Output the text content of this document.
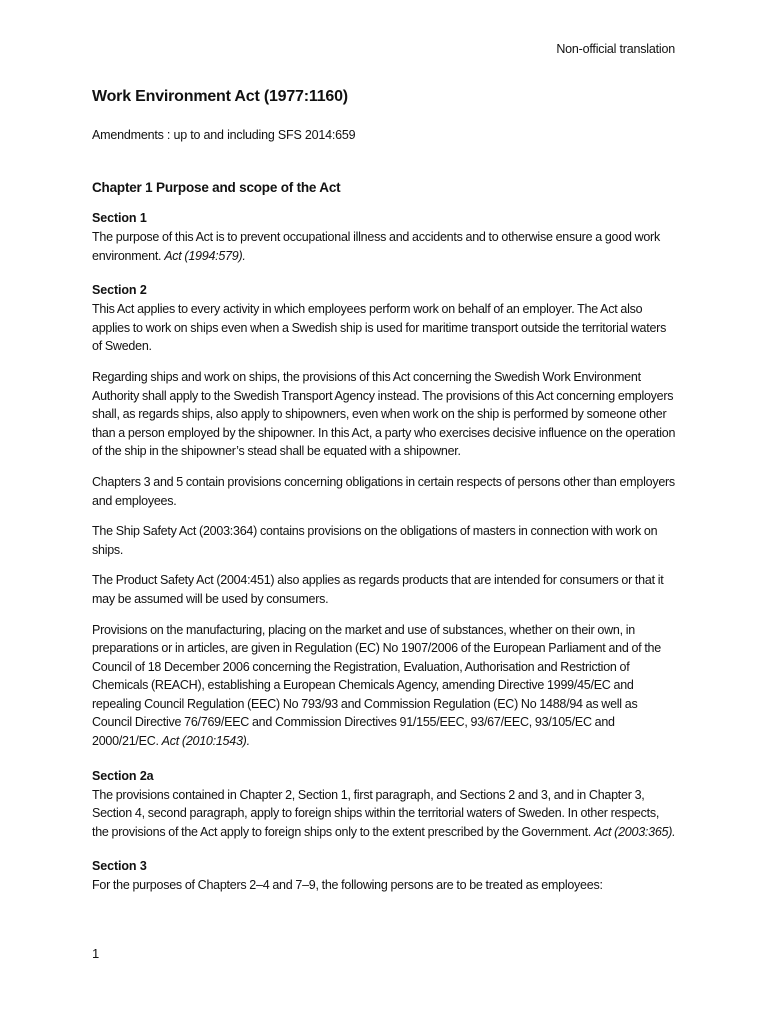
Non-official translation
Work Environment Act (1977:1160)
Amendments : up to and including SFS 2014:659
Chapter 1 Purpose and scope of the Act
Section 1

The purpose of this Act is to prevent occupational illness and accidents and to otherwise ensure a good work environment. Act (1994:579).

Section 2

This Act applies to every activity in which employees perform work on behalf of an employer. The Act also applies to work on ships even when a Swedish ship is used for maritime transport outside the territorial waters of Sweden.

Regarding ships and work on ships, the provisions of this Act concerning the Swedish Work Environment Authority shall apply to the Swedish Transport Agency instead. The provisions of this Act concerning employers shall, as regards ships, also apply to shipowners, even when work on the ship is performed by someone other than a person employed by the shipowner. In this Act, a party who exercises decisive influence on the operation of the ship in the shipowner’s stead shall be equated with a shipowner.

Chapters 3 and 5 contain provisions concerning obligations in certain respects of persons other than employers and employees.

The Ship Safety Act (2003:364) contains provisions on the obligations of masters in connection with work on ships.

The Product Safety Act (2004:451) also applies as regards products that are intended for consumers or that it may be assumed will be used by consumers.

Provisions on the manufacturing, placing on the market and use of substances, whether on their own, in preparations or in articles, are given in Regulation (EC) No 1907/2006 of the European Parliament and of the Council of 18 December 2006 concerning the Registration, Evaluation, Authorisation and Restriction of Chemicals (REACH), establishing a European Chemicals Agency, amending Directive 1999/45/EC and repealing Council Regulation (EEC) No 793/93 and Commission Regulation (EC) No 1488/94 as well as Council Directive 76/769/EEC and Commission Directives 91/155/EEC, 93/67/EEC, 93/105/EC and 2000/21/EC. Act (2010:1543).

Section 2a

The provisions contained in Chapter 2, Section 1, first paragraph, and Sections 2 and 3, and in Chapter 3, Section 4, second paragraph, apply to foreign ships within the territorial waters of Sweden. In other respects, the provisions of the Act apply to foreign ships only to the extent prescribed by the Government. Act (2003:365).

Section 3

For the purposes of Chapters 2–4 and 7–9, the following persons are to be treated as employees:

1
